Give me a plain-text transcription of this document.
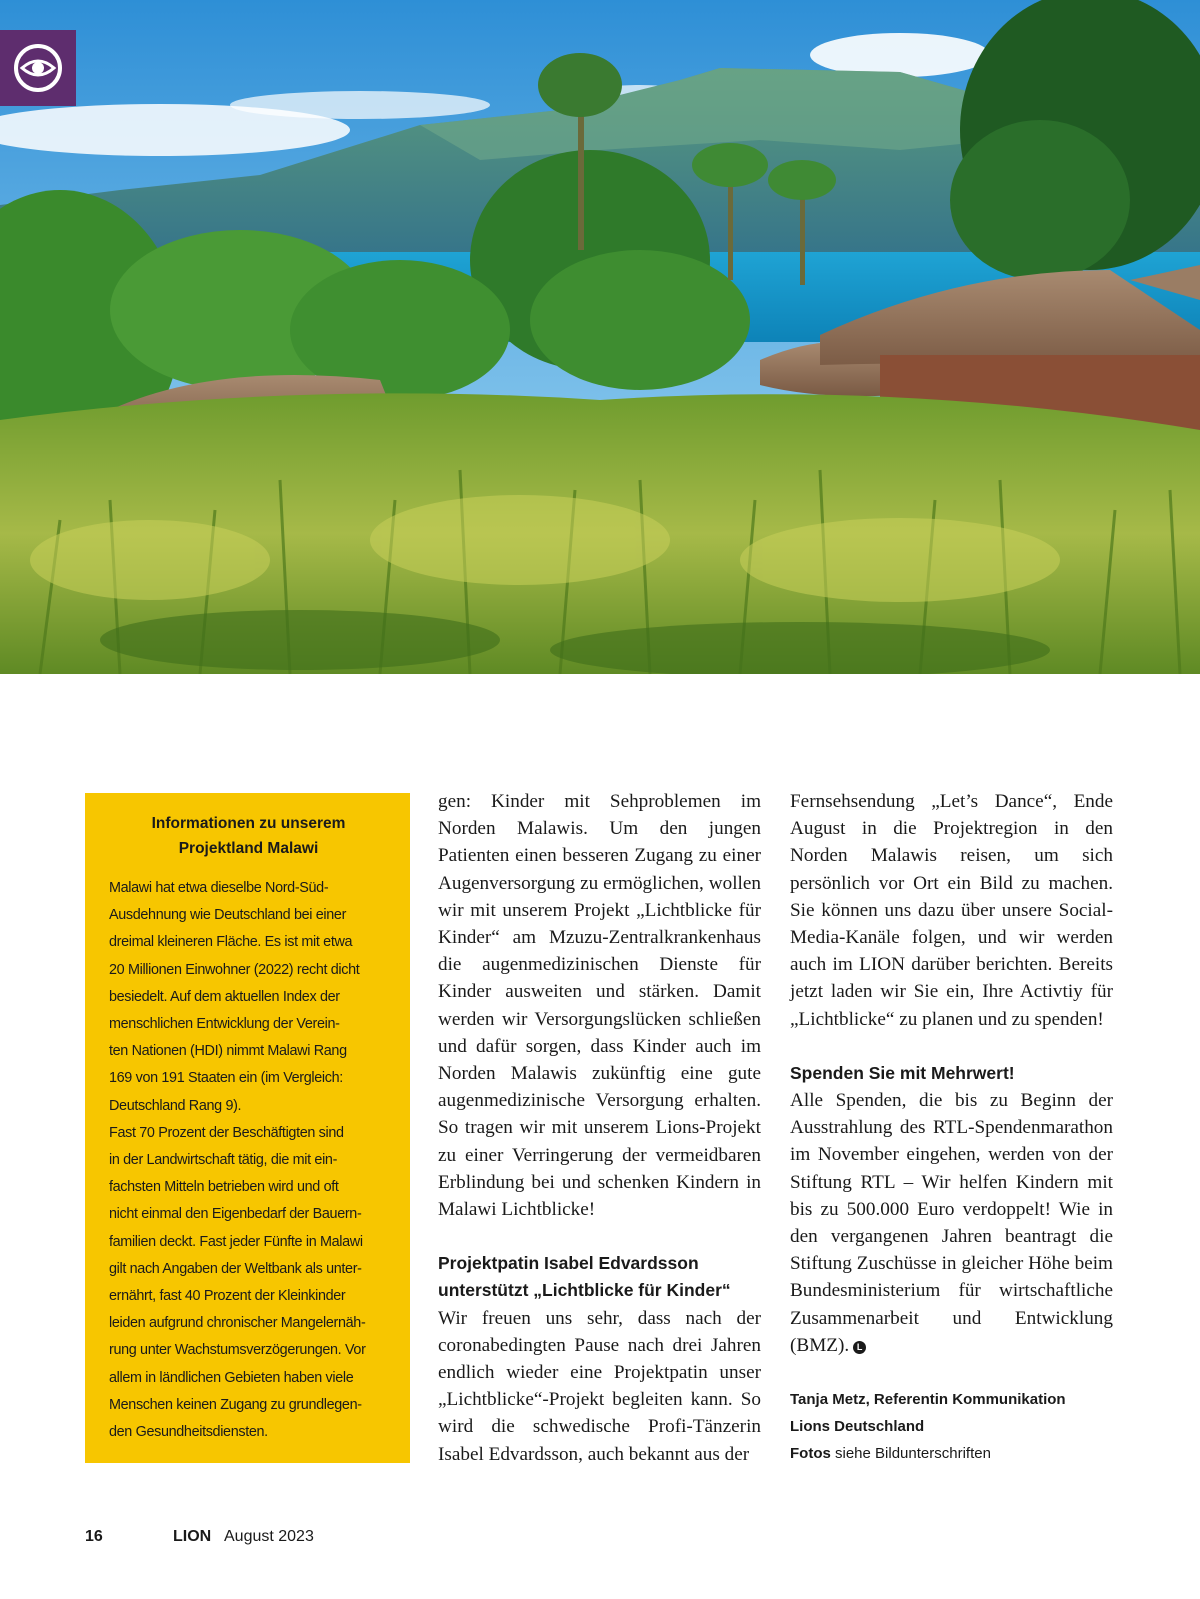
Informationen zu unserem
Projektland Malawi

Malawi hat etwa dieselbe Nord-Süd-
Ausdehnung wie Deutschland bei einer
dreimal kleineren Fläche. Es ist mit etwa
20 Millionen Einwohner (2022) recht dicht
besiedelt. Auf dem aktuellen Index der
menschlichen Entwicklung der Verein-
ten Nationen (HDI) nimmt Malawi Rang
169 von 191 Staaten ein (im Vergleich:
Deutschland Rang 9).
Fast 70 Prozent der Beschäftigten sind
in der Landwirtschaft tätig, die mit ein-
fachsten Mitteln betrieben wird und oft
nicht einmal den Eigenbedarf der Bauern-
familien deckt. Fast jeder Fünfte in Malawi
gilt nach Angaben der Weltbank als unter-
ernährt, fast 40 Prozent der Kleinkinder
leiden aufgrund chronischer Mangelernäh-
rung unter Wachstumsverzögerungen. Vor
allem in ländlichen Gebieten haben viele
Menschen keinen Zugang zu grundlegen-
den Gesundheitsdiensten.

gen: Kinder mit Sehproblemen im Norden Malawis. Um den jungen Patienten einen besseren Zugang zu einer Augenversorgung zu ermöglichen, wollen wir mit unserem Projekt „Lichtblicke für Kinder“ am Mzuzu-Zentralkrankenhaus die augenmedizinischen Dienste für Kinder ausweiten und stärken. Damit werden wir Versorgungslücken schließen und dafür sorgen, dass Kinder auch im Norden Malawis zukünftig eine gute augenmedizinische Versorgung erhalten. So tragen wir mit unserem Lions-Projekt zu einer Verringerung der vermeidbaren Erblindung bei und schenken Kindern in Malawi Lichtblicke!

Projektpatin Isabel Edvardsson
unterstützt „Lichtblicke für Kinder“

Wir freuen uns sehr, dass nach der coronabedingten Pause nach drei Jahren endlich wieder eine Projektpatin unser „Lichtblicke“-Projekt begleiten kann. So wird die schwedische Profi-Tänzerin Isabel Edvardsson, auch bekannt aus der

Fernsehsendung „Let’s Dance“, Ende August in die Projektregion in den Norden Malawis reisen, um sich persönlich vor Ort ein Bild zu machen. Sie können uns dazu über unsere Social-Media-Kanäle folgen, und wir werden auch im LION darüber berichten. Bereits jetzt laden wir Sie ein, Ihre Activtiy für „Lichtblicke“ zu planen und zu spenden!

Spenden Sie mit Mehrwert!

Alle Spenden, die bis zu Beginn der Ausstrahlung des RTL-Spendenmarathon im November eingehen, werden von der Stiftung RTL – Wir helfen Kindern mit bis zu 500.000 Euro verdoppelt! Wie in den vergangenen Jahren beantragt die Stiftung Zuschüsse in gleicher Höhe beim Bundesministerium für wirtschaftliche Zusammenarbeit und Entwicklung (BMZ). L

Tanja Metz, Referentin Kommunikation
Lions Deutschland
Fotos siehe Bildunterschriften
16	LION August 2023
